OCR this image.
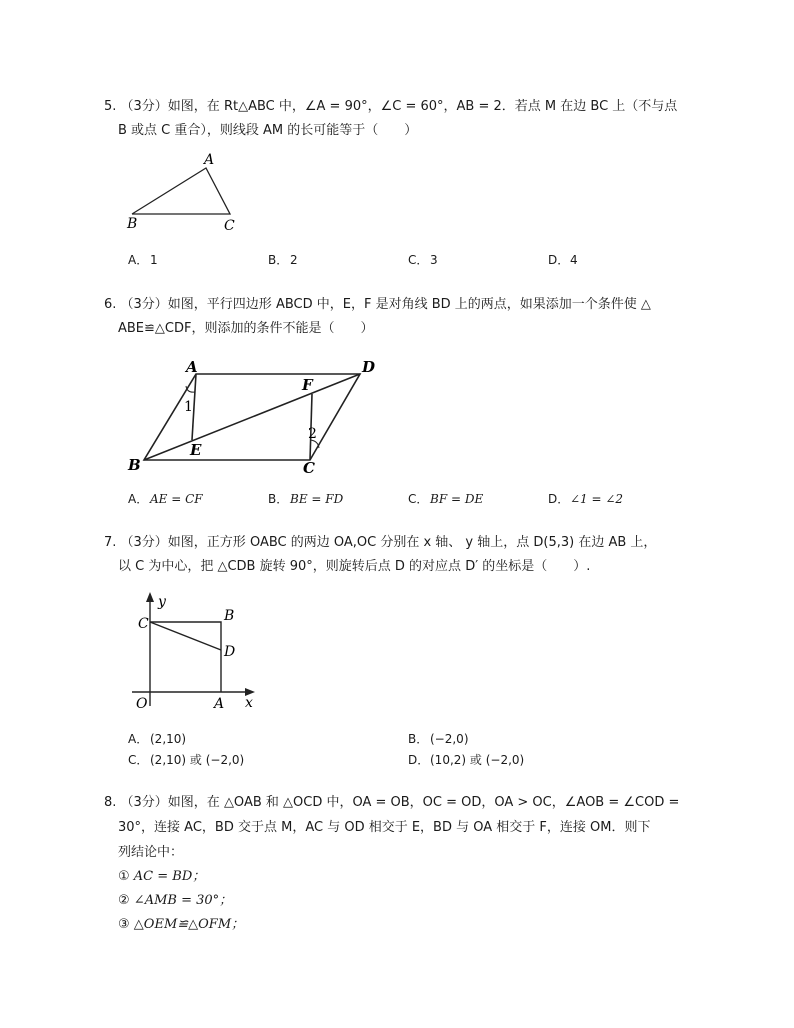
5. （3分）如图，在 Rt△ABC 中，∠A = 90°，∠C = 60°，AB = 2．若点 M 在边 BC 上（不与点
B 或点 C 重合），则线段 AM 的长可能等于（　　）
A
B	C
A． 1	B． 2	C． 3	D．4
6. （3分）如图，平行四边形 ABCD 中，E，F 是对角线 BD 上的两点，如果添加一个条件使 △
ABE≌△CDF，则添加的条件不能是（　　）
A	D
F
E
B	C
1
2
A． AE = CF	B． BE = FD	C． BF = DE	D．∠1 = ∠2
7. （3分）如图，正方形 OABC 的两边 OA,OC 分别在 x 轴、 y 轴上，点 D(5,3) 在边 AB 上，
以 C 为中心，把 △CDB 旋转 90°，则旋转后点 D 的对应点 D′ 的坐标是（　　）.
y
C	B
D
O	A x
A． (2,10)	B． (−2,0)
C． (2,10) 或 (−2,0)	D．(10,2) 或 (−2,0)
8. （3分）如图，在 △OAB 和 △OCD 中，OA = OB，OC = OD，OA > OC，∠AOB = ∠COD =
30°，连接 AC，BD 交于点 M，AC 与 OD 相交于 E，BD 与 OA 相交于 F，连接 OM．则下
列结论中：
① AC = BD；
② ∠AMB = 30°；
③ △OEM≌△OFM；
